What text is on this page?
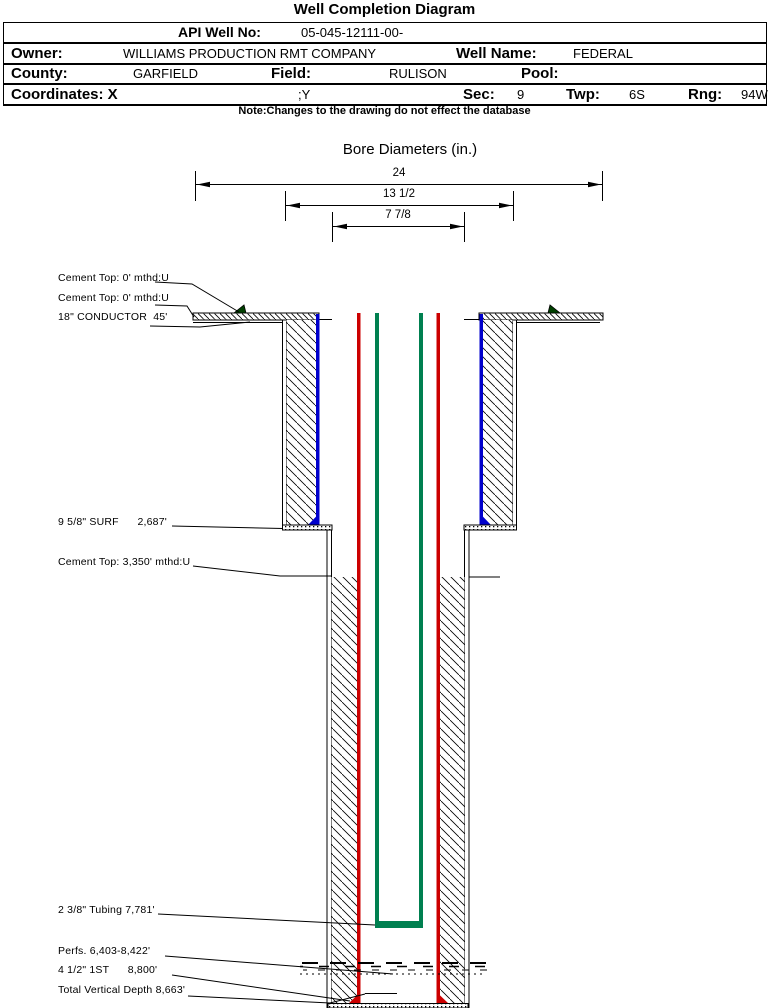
Well Completion Diagram
API Well No:	05-045-12111-00-
Owner:	WILLIAMS PRODUCTION RMT COMPANY	Well Name:	FEDERAL
County:	GARFIELD	Field:	RULISON	Pool:
Coordinates: X	;Y	Sec: 9	Twp: 6S	Rng: 94W
Note:Changes to the drawing do not effect the database
Bore Diameters (in.)
24
13 1/2
7 7/8
Cement Top: 0' mthd:U
Cement Top: 0' mthd:U
18" CONDUCTOR  45'
9 5/8" SURF      2,687'
Cement Top: 3,350' mthd:U
2 3/8" Tubing 7,781'
Perfs. 6,403-8,422'
4 1/2" 1ST      8,800'
Total Vertical Depth 8,663'
